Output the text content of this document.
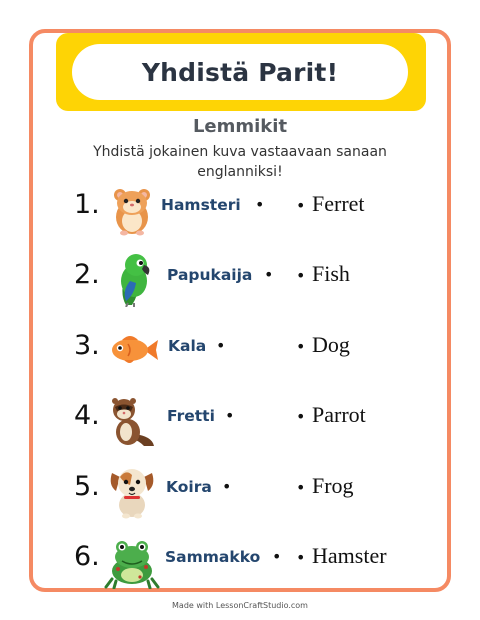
Yhdistä Parit!
Lemmikit
Yhdistä jokainen kuva vastaavaan sanaan englanniksi!
1.	Hamsteri • • Ferret
2.	Papukaija • • Fish
3.	Kala •	• Dog
4.	Fretti •	• Parrot
5.	Koira •	• Frog
6.	Sammakko • • Hamster
Made with LessonCraftStudio.com
